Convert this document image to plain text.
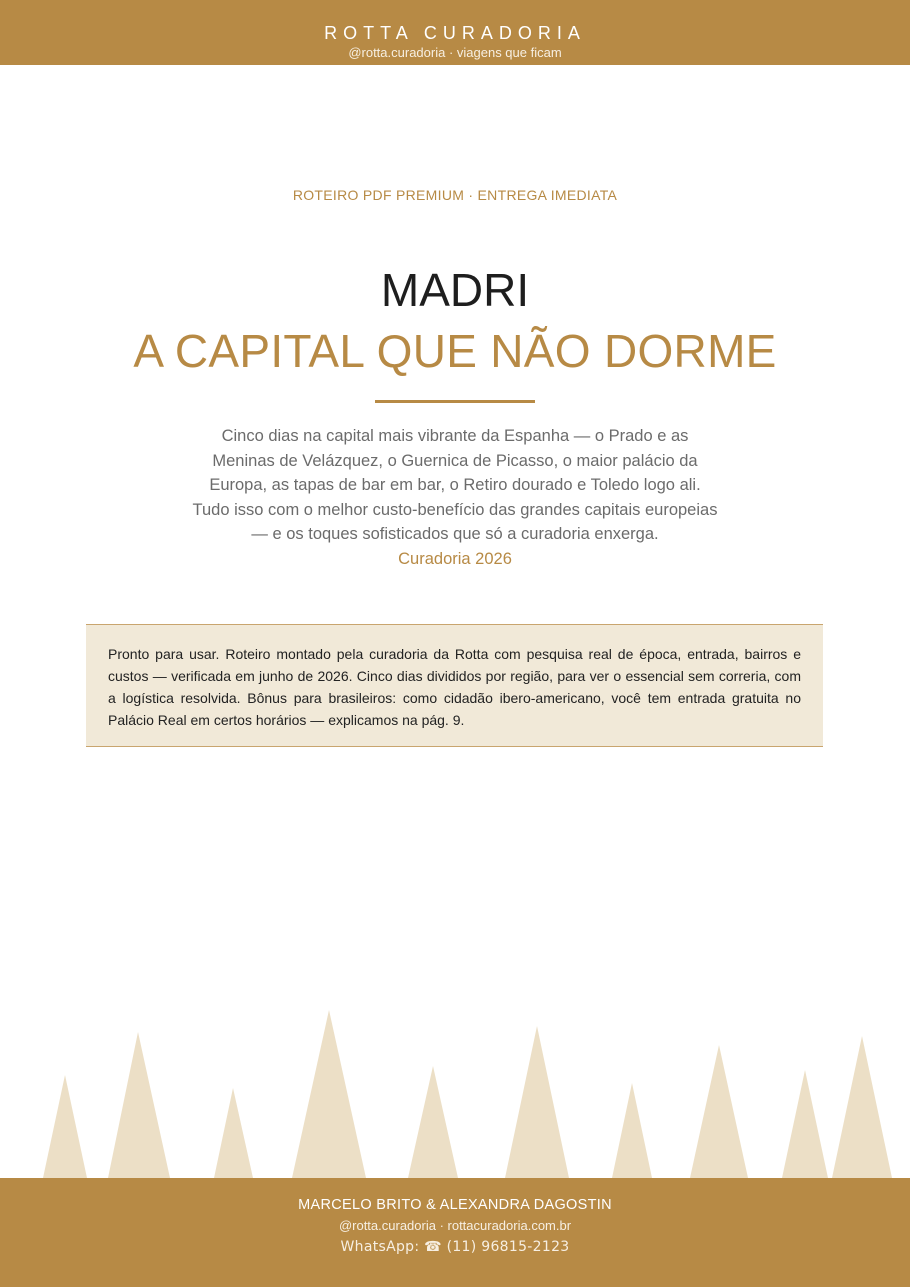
ROTTA CURADORIA
@rotta.curadoria · viagens que ficam
ROTEIRO PDF PREMIUM · ENTREGA IMEDIATA
MADRI
A CAPITAL QUE NÃO DORME
Cinco dias na capital mais vibrante da Espanha — o Prado e as Meninas de Velázquez, o Guernica de Picasso, o maior palácio da Europa, as tapas de bar em bar, o Retiro dourado e Toledo logo ali. Tudo isso com o melhor custo-benefício das grandes capitais europeias — e os toques sofisticados que só a curadoria enxerga.
Curadoria 2026
Pronto para usar. Roteiro montado pela curadoria da Rotta com pesquisa real de época, entrada, bairros e custos — verificada em junho de 2026. Cinco dias divididos por região, para ver o essencial sem correria, com a logística resolvida. Bônus para brasileiros: como cidadão ibero-americano, você tem entrada gratuita no Palácio Real em certos horários — explicamos na pág. 9.
MARCELO BRITO & ALEXANDRA DAGOSTIN
@rotta.curadoria · rottacuradoria.com.br
WhatsApp: ☎ (11) 96815-2123
